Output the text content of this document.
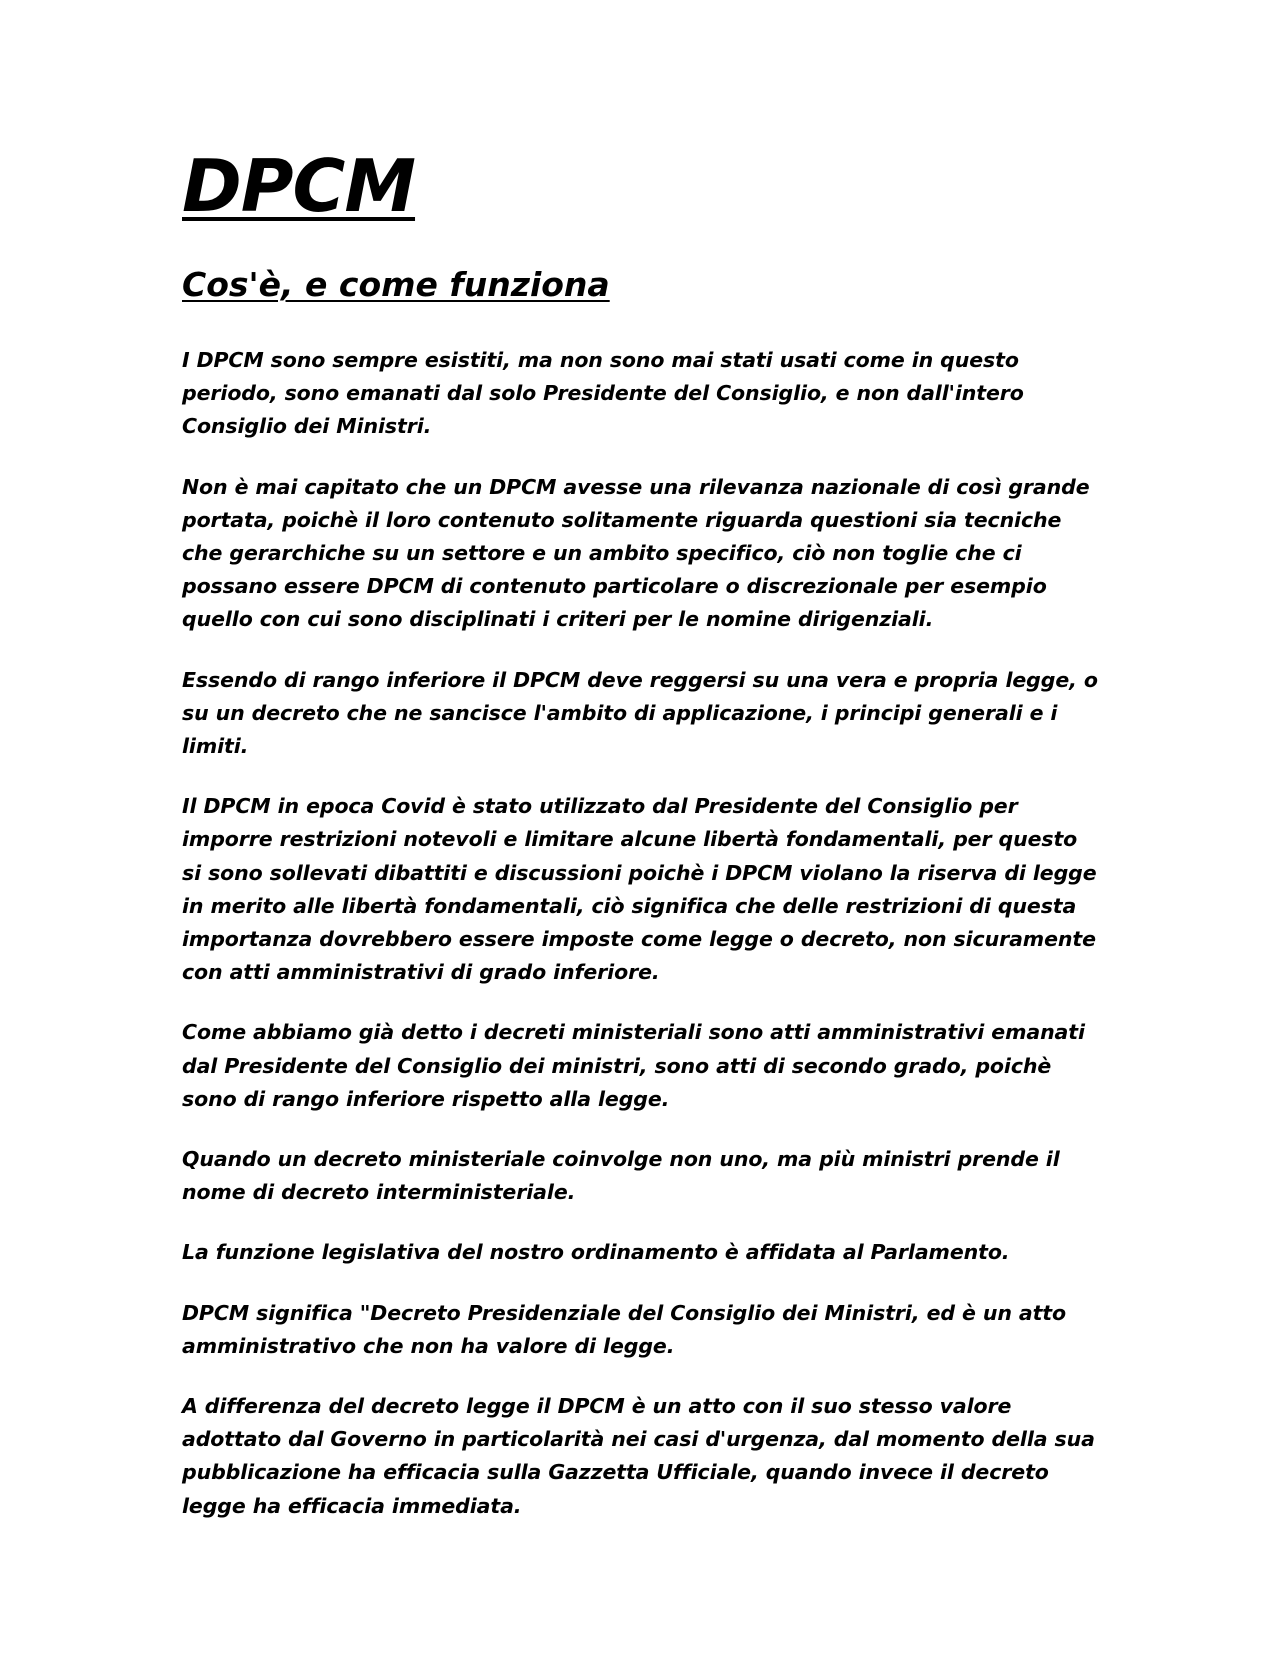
DPCM
Cos'è, e come funziona

I DPCM sono sempre esistiti, ma non sono mai stati usati come in questo periodo, sono emanati dal solo Presidente del Consiglio, e non dall'intero Consiglio dei Ministri.

Non è mai capitato che un DPCM avesse una rilevanza nazionale di così grande portata, poichè il loro contenuto solitamente riguarda questioni sia tecniche che gerarchiche su un settore e un ambito specifico, ciò non toglie che ci possano essere DPCM di contenuto particolare o discrezionale per esempio quello con cui sono disciplinati i criteri per le nomine dirigenziali.

Essendo di rango inferiore il DPCM deve reggersi su una vera e propria legge, o su un decreto che ne sancisce l'ambito di applicazione, i principi generali e i limiti.

Il DPCM in epoca Covid è stato utilizzato dal Presidente del Consiglio per imporre restrizioni notevoli e limitare alcune libertà fondamentali, per questo si sono sollevati dibattiti e discussioni poichè i DPCM violano la riserva di legge in merito alle libertà fondamentali, ciò significa che delle restrizioni di questa importanza dovrebbero essere imposte come legge o decreto, non sicuramente con atti amministrativi di grado inferiore.

Come abbiamo già detto i decreti ministeriali sono atti amministrativi emanati dal Presidente del Consiglio dei ministri, sono atti di secondo grado, poichè sono di rango inferiore rispetto alla legge.

Quando un decreto ministeriale coinvolge non uno, ma più ministri prende il nome di decreto interministeriale.

La funzione legislativa del nostro ordinamento è affidata al Parlamento.

DPCM significa "Decreto Presidenziale del Consiglio dei Ministri, ed è un atto amministrativo che non ha valore di legge.

A differenza del decreto legge il DPCM è un atto con il suo stesso valore adottato dal Governo in particolarità nei casi d'urgenza, dal momento della sua pubblicazione ha efficacia sulla Gazzetta Ufficiale, quando invece il decreto legge ha efficacia immediata.
